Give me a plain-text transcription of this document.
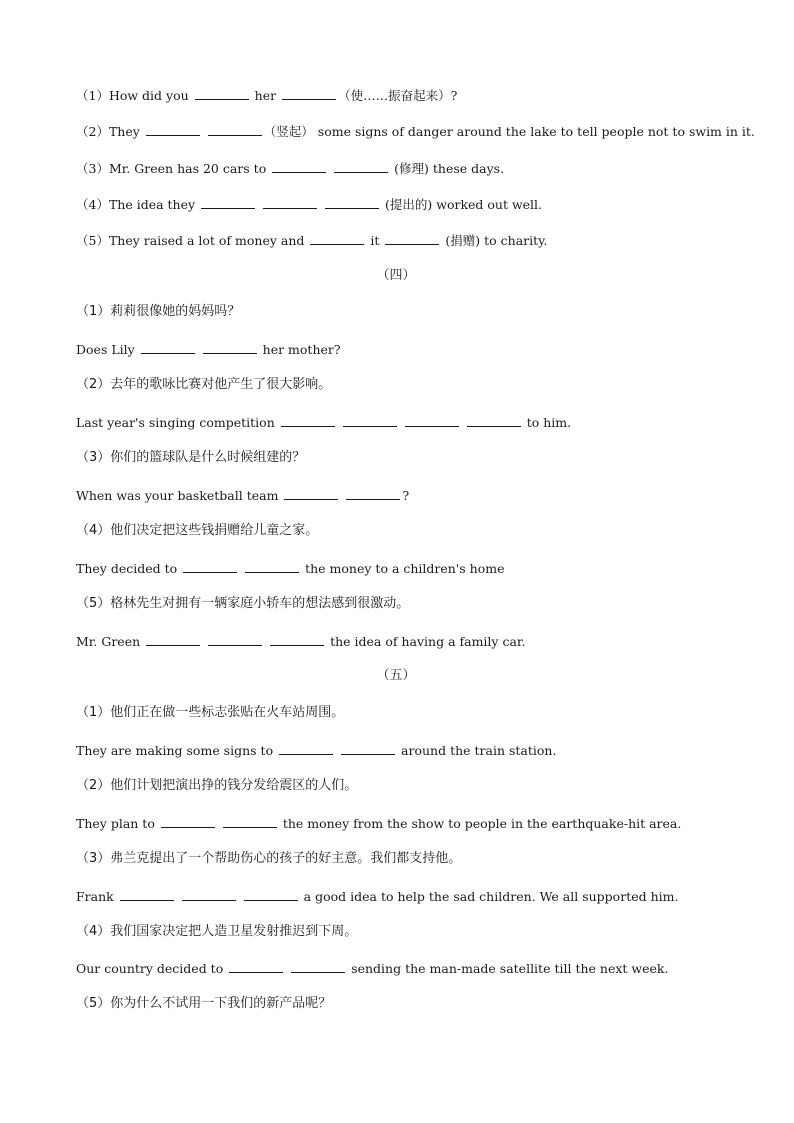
（1）How did you	her	（使……振奋起来）?
（2）They	（竖起） some signs of danger around the lake to tell people not to swim in it.
（3）Mr. Green has 20 cars to	(修理) these days.
（4）The idea they	(提出的) worked out well.
（5）They raised a lot of money and	it	(捐赠) to charity.
（四）
（1）莉莉很像她的妈妈吗？
Does Lily	her mother?
（2）去年的歌咏比赛对他产生了很大影响。
Last year's singing competition	to him.
（3）你们的篮球队是什么时候组建的？
When was your basketball team	?
（4）他们决定把这些钱捐赠给儿童之家。
They decided to	the money to a children's home
（5）格林先生对拥有一辆家庭小轿车的想法感到很激动。
Mr. Green	the idea of having a family car.
（五）
（1）他们正在做一些标志张贴在火车站周围。
They are making some signs to	around the train station.
（2）他们计划把演出挣的钱分发给震区的人们。
They plan to	the money from the show to people in the earthquake-hit area.
（3）弗兰克提出了一个帮助伤心的孩子的好主意。我们都支持他。
Frank	a good idea to help the sad children. We all supported him.
（4）我们国家决定把人造卫星发射推迟到下周。
Our country decided to	sending the man-made satellite till the next week.
（5）你为什么不试用一下我们的新产品呢？
